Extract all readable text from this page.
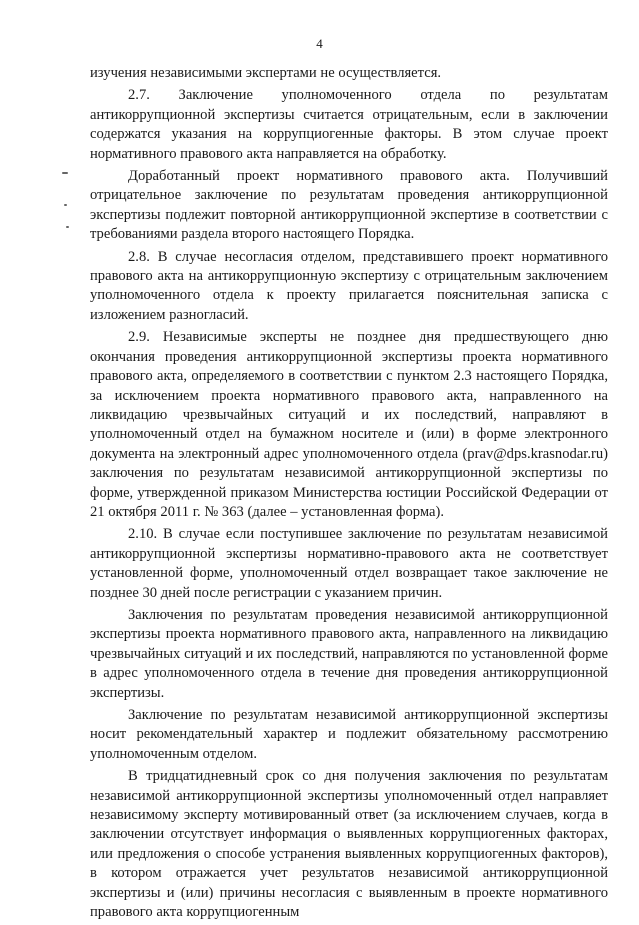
4

изучения независимыми экспертами не осуществляется.

2.7. Заключение уполномоченного отдела по результатам антикоррупционной экспертизы считается отрицательным, если в заключении содержатся указания на коррупциогенные факторы. В этом случае проект нормативного правового акта направляется на обработку.

Доработанный проект нормативного правового акта. Получивший отрицательное заключение по результатам проведения антикоррупционной экспертизы подлежит повторной антикоррупционной экспертизе в соответствии с требованиями раздела второго настоящего Порядка.

2.8. В случае несогласия отделом, представившего проект нормативного правового акта на антикоррупционную экспертизу с отрицательным заключением уполномоченного отдела к проекту прилагается пояснительная записка с изложением разногласий.

2.9. Независимые эксперты не позднее дня предшествующего дню окончания проведения антикоррупционной экспертизы проекта нормативного правового акта, определяемого в соответствии с пунктом 2.3 настоящего Порядка, за исключением проекта нормативного правового акта, направленного на ликвидацию чрезвычайных ситуаций и их последствий, направляют в уполномоченный отдел на бумажном носителе и (или) в форме электронного документа на электронный адрес уполномоченного отдела (prav@dps.krasnodar.ru) заключения по результатам независимой антикоррупционной экспертизы по форме, утвержденной приказом Министерства юстиции Российской Федерации от 21 октября 2011 г. № 363 (далее – установленная форма).

2.10. В случае если поступившее заключение по результатам независимой антикоррупционной экспертизы нормативно-правового акта не соответствует установленной форме, уполномоченный отдел возвращает такое заключение не позднее 30 дней после регистрации с указанием причин.

Заключения по результатам проведения независимой антикоррупционной экспертизы проекта нормативного правового акта, направленного на ликвидацию чрезвычайных ситуаций и их последствий, направляются по установленной форме в адрес уполномоченного отдела в течение дня проведения антикоррупционной экспертизы.

Заключение по результатам независимой антикоррупционной экспертизы носит рекомендательный характер и подлежит обязательному рассмотрению уполномоченным отделом.

В тридцатидневный срок со дня получения заключения по результатам независимой антикоррупционной экспертизы уполномоченный отдел направляет независимому эксперту мотивированный ответ (за исключением случаев, когда в заключении отсутствует информация о выявленных коррупциогенных факторах, или предложения о способе устранения выявленных коррупциогенных факторов), в котором отражается учет результатов независимой антикоррупционной экспертизы и (или) причины несогласия с выявленным в проекте нормативного правового акта коррупциогенным
